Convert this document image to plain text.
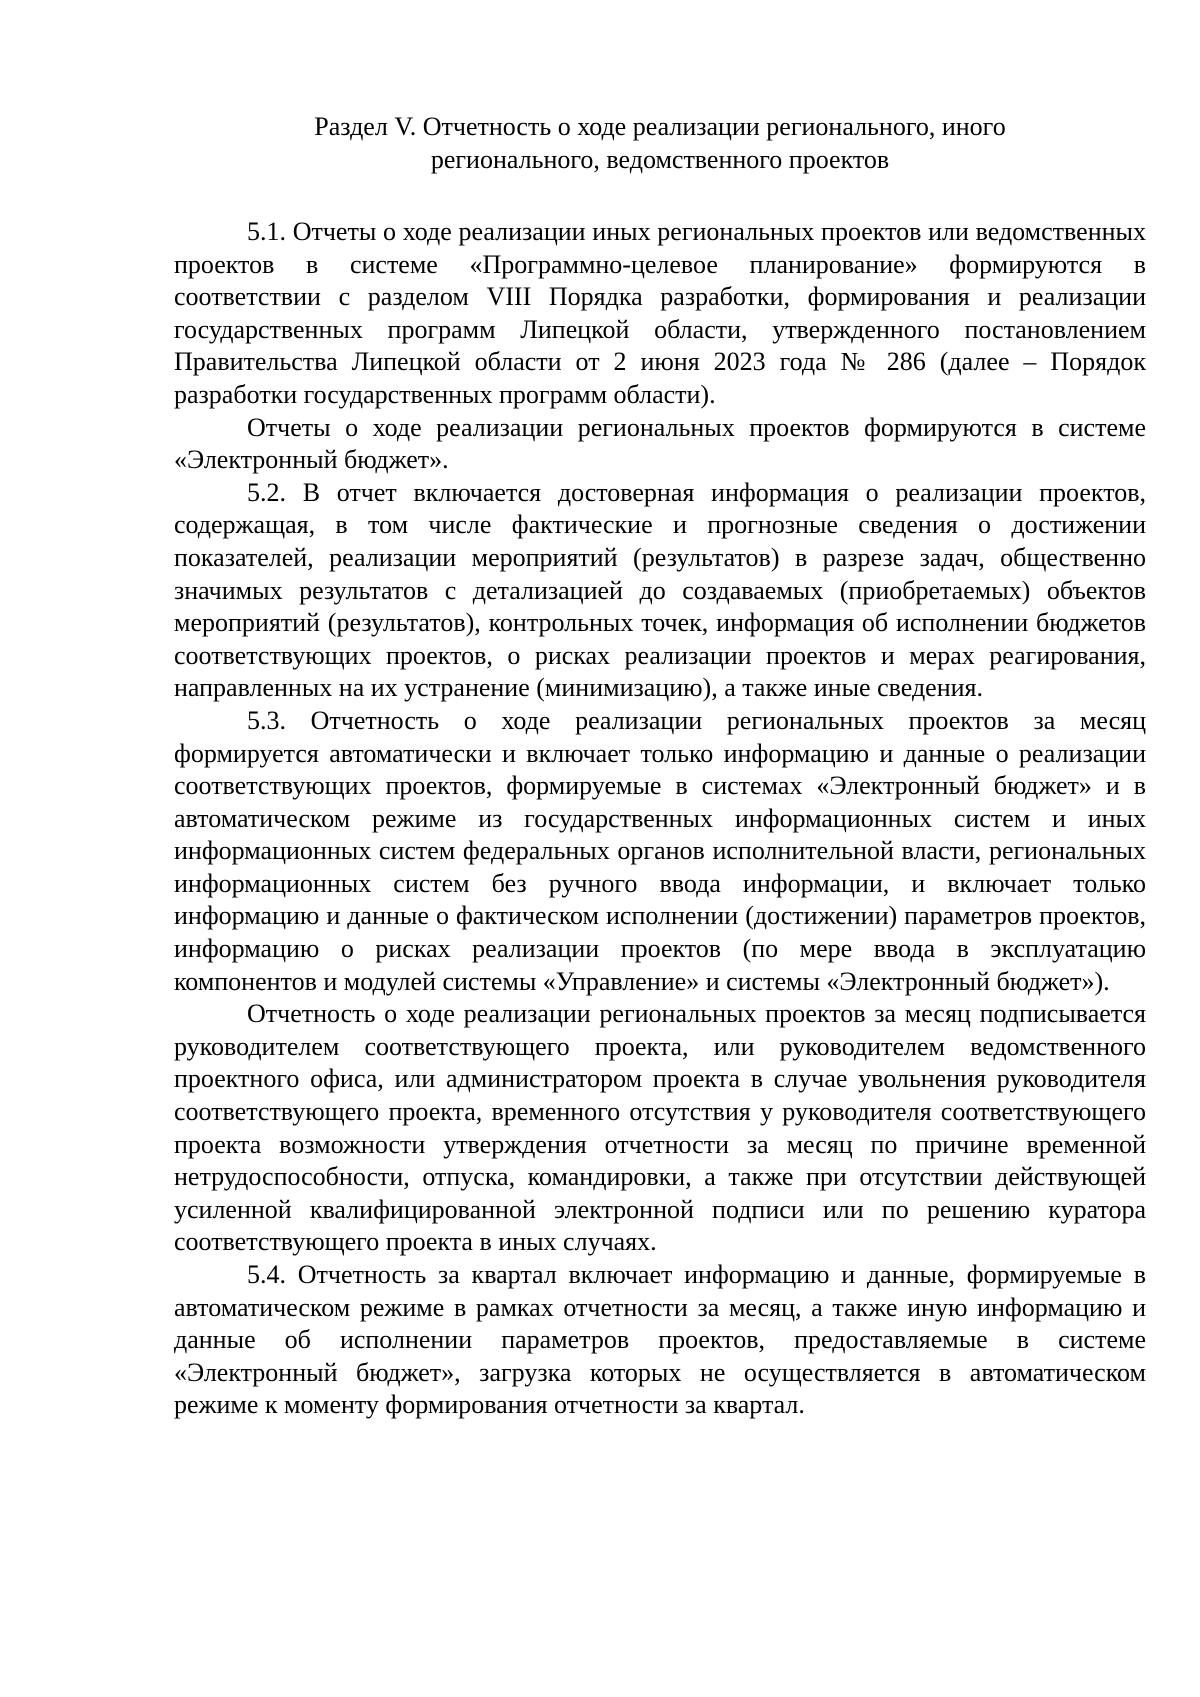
Раздел V. Отчетность о ходе реализации регионального, иного
регионального, ведомственного проектов

5.1. Отчеты о ходе реализации иных региональных проектов или ведомственных проектов в системе «Программно-целевое планирование» формируются в соответствии с разделом VIII Порядка разработки, формирования и реализации государственных программ Липецкой области, утвержденного постановлением Правительства Липецкой области от 2 июня 2023 года № 286 (далее – Порядок разработки государственных программ области).

Отчеты о ходе реализации региональных проектов формируются в системе «Электронный бюджет».

5.2. В отчет включается достоверная информация о реализации проектов, содержащая, в том числе фактические и прогнозные сведения о достижении показателей, реализации мероприятий (результатов) в разрезе задач, общественно значимых результатов с детализацией до создаваемых (приобретаемых) объектов мероприятий (результатов), контрольных точек, информация об исполнении бюджетов соответствующих проектов, о рисках реализации проектов и мерах реагирования, направленных на их устранение (минимизацию), а также иные сведения.

5.3. Отчетность о ходе реализации региональных проектов за месяц формируется автоматически и включает только информацию и данные о реализации соответствующих проектов, формируемые в системах «Электронный бюджет» и в автоматическом режиме из государственных информационных систем и иных информационных систем федеральных органов исполнительной власти, региональных информационных систем без ручного ввода информации, и включает только информацию и данные о фактическом исполнении (достижении) параметров проектов, информацию о рисках реализации проектов (по мере ввода в эксплуатацию компонентов и модулей системы «Управление» и системы «Электронный бюджет»).

Отчетность о ходе реализации региональных проектов за месяц подписывается руководителем соответствующего проекта, или руководителем ведомственного проектного офиса, или администратором проекта в случае увольнения руководителя соответствующего проекта, временного отсутствия у руководителя соответствующего проекта возможности утверждения отчетности за месяц по причине временной нетрудоспособности, отпуска, командировки, а также при отсутствии действующей усиленной квалифицированной электронной подписи или по решению куратора соответствующего проекта в иных случаях.

5.4. Отчетность за квартал включает информацию и данные, формируемые в автоматическом режиме в рамках отчетности за месяц, а также иную информацию и данные об исполнении параметров проектов, предоставляемые в системе «Электронный бюджет», загрузка которых не осуществляется в автоматическом режиме к моменту формирования отчетности за квартал.
